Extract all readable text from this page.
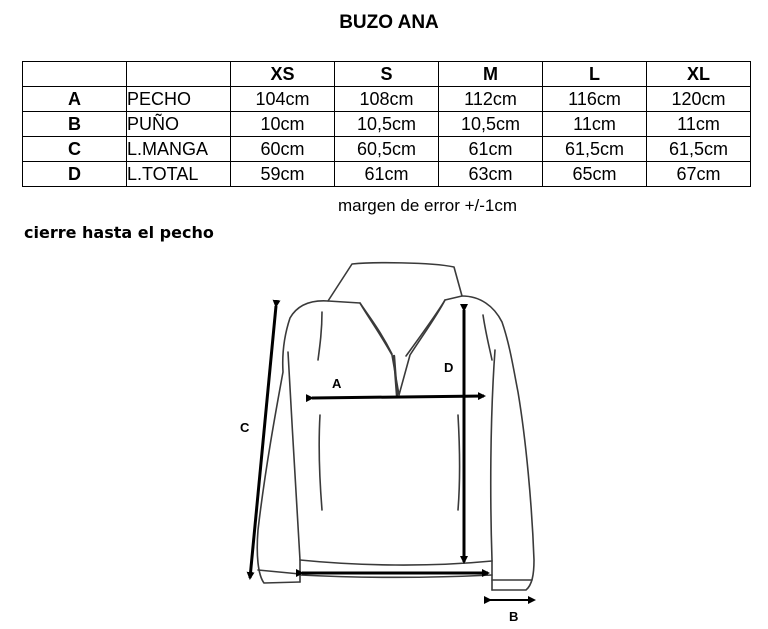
BUZO ANA
		XS	S	M	L	XL
A	PECHO	104cm	108cm	112cm	116cm	120cm
B	PUÑO	10cm	10,5cm	10,5cm	11cm	11cm
C	L.MANGA	60cm	60,5cm	61cm	61,5cm	61,5cm
D	L.TOTAL	59cm	61cm	63cm	65cm	67cm
margen de error +/-1cm
cierre hasta el pecho
A
D
C
B
